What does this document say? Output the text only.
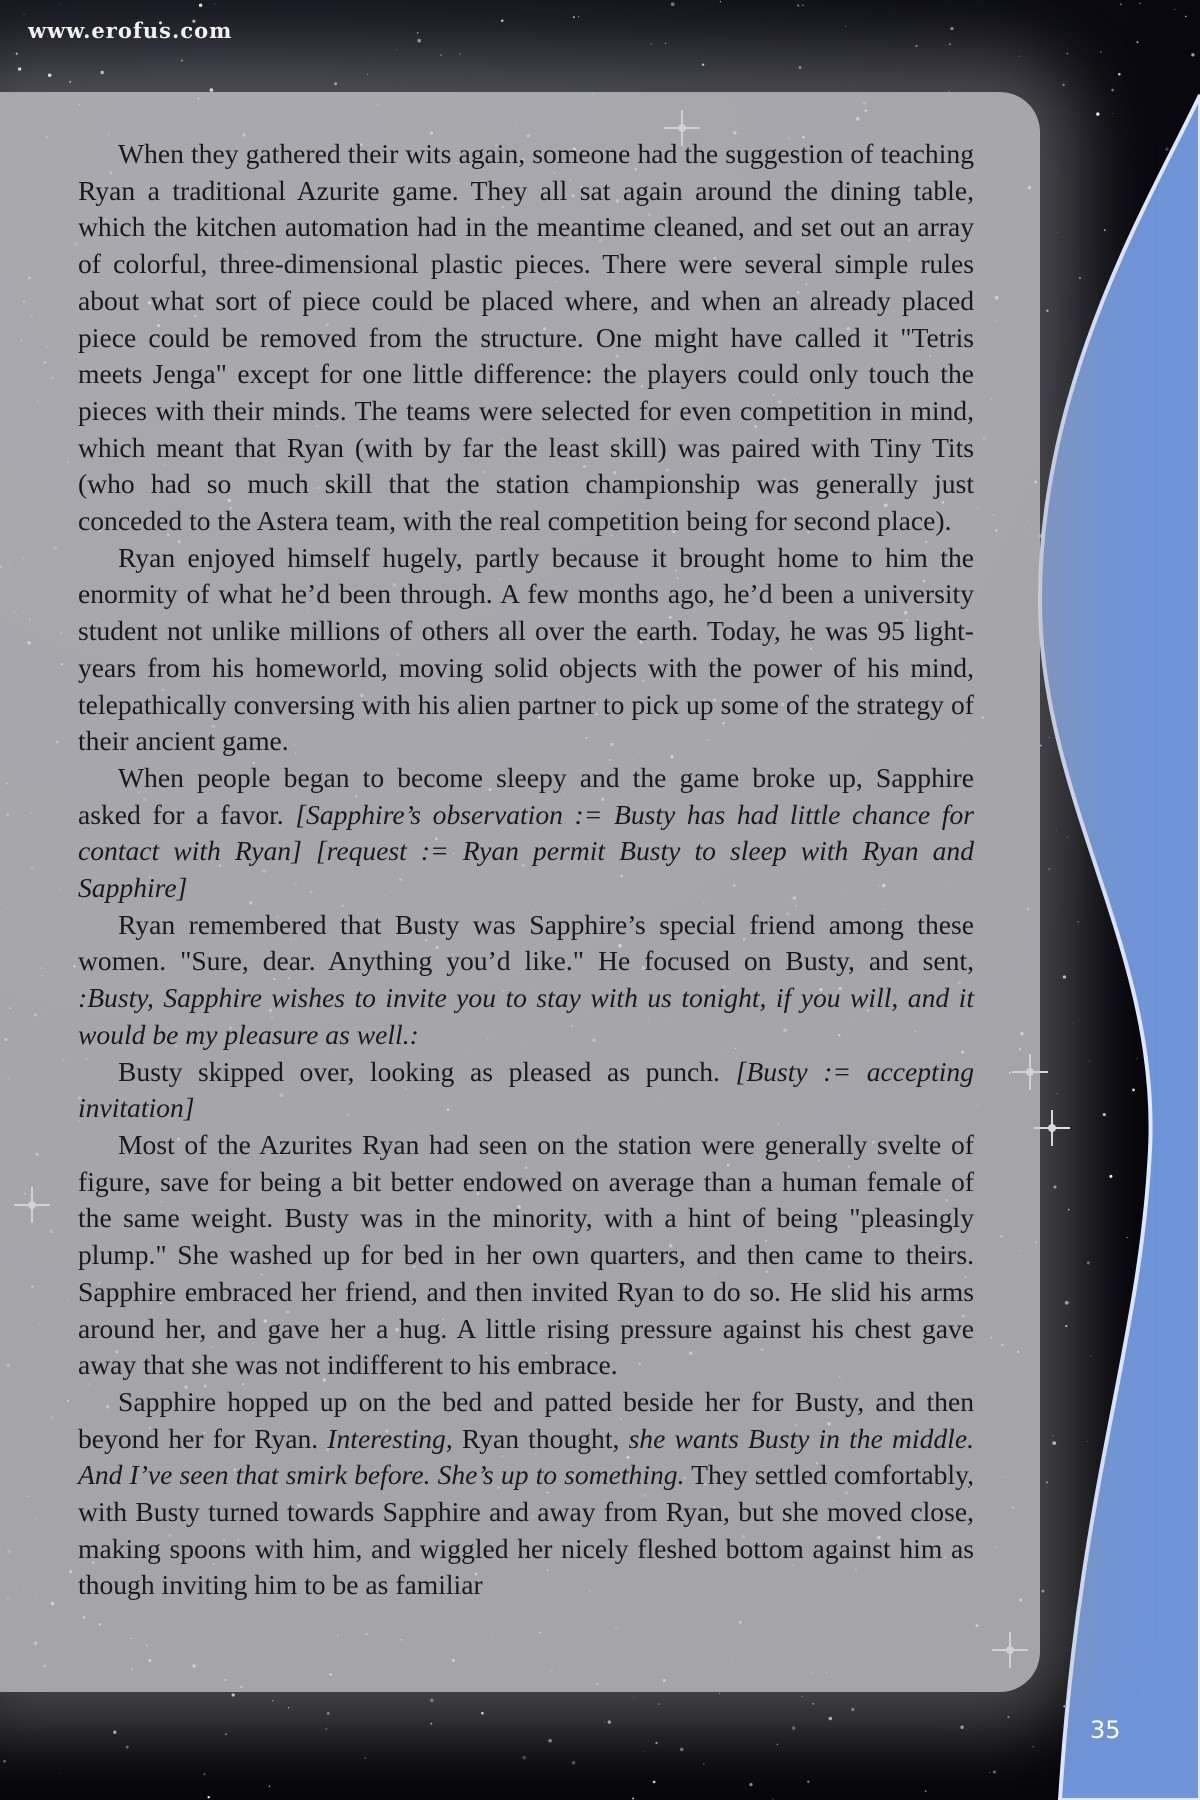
www.erofus.com

When they gathered their wits again, someone had the suggestion of teaching Ryan a traditional Azurite game. They all sat again around the dining table, which the kitchen automation had in the meantime cleaned, and set out an array of colorful, three-dimensional plastic pieces. There were several simple rules about what sort of piece could be placed where, and when an already placed piece could be removed from the structure. One might have called it "Tetris meets Jenga" except for one little difference: the players could only touch the pieces with their minds. The teams were selected for even competition in mind, which meant that Ryan (with by far the least skill) was paired with Tiny Tits (who had so much skill that the station championship was generally just conceded to the Astera team, with the real competition being for second place).

Ryan enjoyed himself hugely, partly because it brought home to him the enormity of what he’d been through. A few months ago, he’d been a university student not unlike millions of others all over the earth. Today, he was 95 light-years from his homeworld, moving solid objects with the power of his mind, telepathically conversing with his alien partner to pick up some of the strategy of their ancient game.

When people began to become sleepy and the game broke up, Sapphire asked for a favor. [Sapphire’s observation := Busty has had little chance for contact with Ryan] [request := Ryan permit Busty to sleep with Ryan and Sapphire]

Ryan remembered that Busty was Sapphire’s special friend among these women. "Sure, dear. Anything you’d like." He focused on Busty, and sent, :Busty, Sapphire wishes to invite you to stay with us tonight, if you will, and it would be my pleasure as well.:

Busty skipped over, looking as pleased as punch. [Busty := accepting invitation]

Most of the Azurites Ryan had seen on the station were generally svelte of figure, save for being a bit better endowed on average than a human female of the same weight. Busty was in the minority, with a hint of being "pleasingly plump." She washed up for bed in her own quarters, and then came to theirs. Sapphire embraced her friend, and then invited Ryan to do so. He slid his arms around her, and gave her a hug. A little rising pressure against his chest gave away that she was not indifferent to his embrace.

Sapphire hopped up on the bed and patted beside her for Busty, and then beyond her for Ryan. Interesting, Ryan thought, she wants Busty in the middle. And I’ve seen that smirk before. She’s up to something. They settled comfortably, with Busty turned towards Sapphire and away from Ryan, but she moved close, making spoons with him, and wiggled her nicely fleshed bottom against him as though inviting him to be as familiar

35
